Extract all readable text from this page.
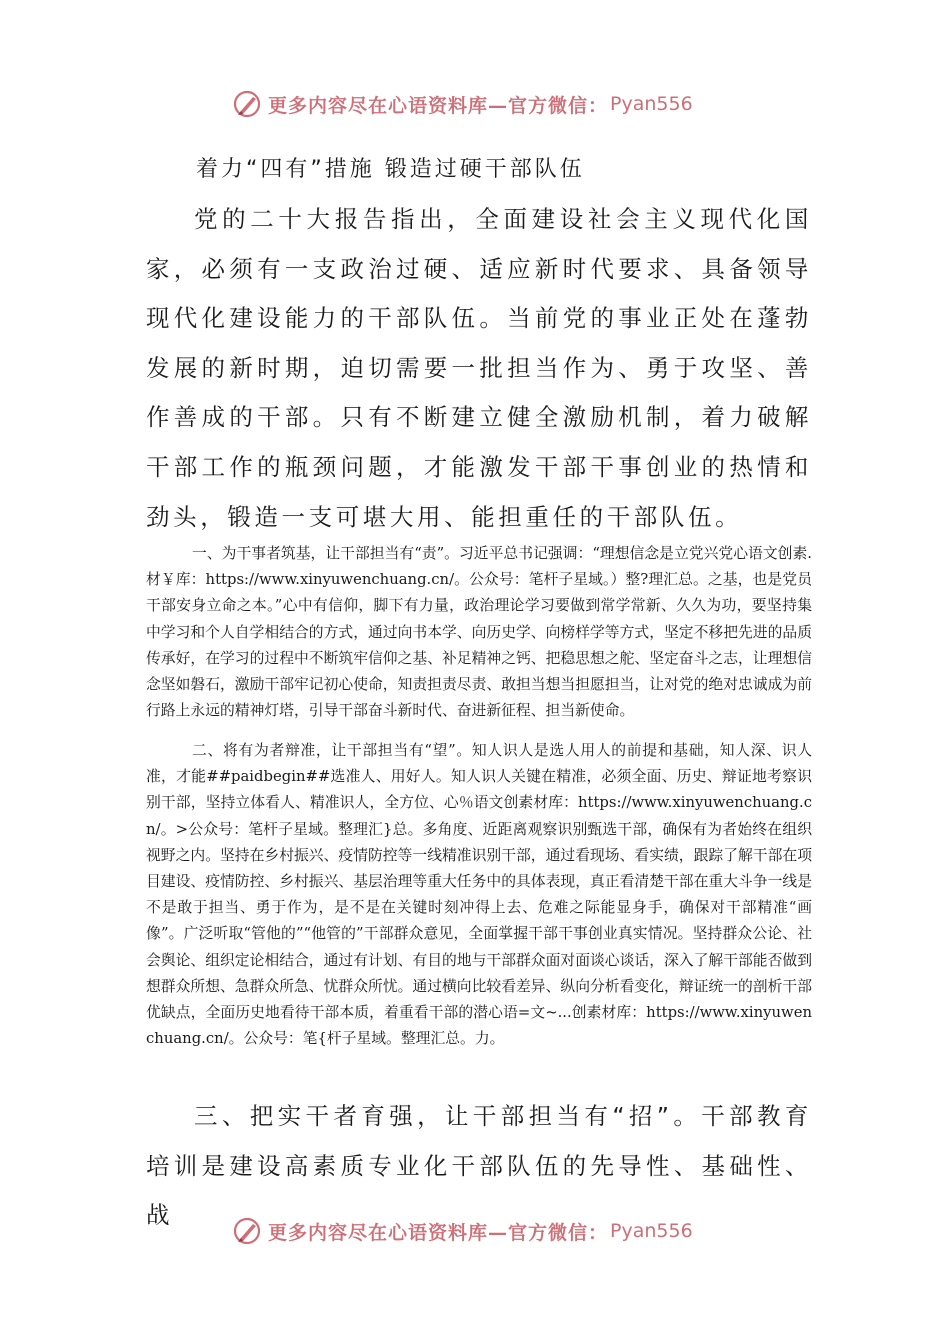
更多内容尽在心语资料库—官方微信： Pyan556
着力“四有”措施 锻造过硬干部队伍

党的二十大报告指出，全面建设社会主义现代化国家，必须有一支政治过硬、适应新时代要求、具备领导现代化建设能力的干部队伍。当前党的事业正处在蓬勃发展的新时期，迫切需要一批担当作为、勇于攻坚、善作善成的干部。只有不断建立健全激励机制，着力破解干部工作的瓶颈问题，才能激发干部干事创业的热情和劲头，锻造一支可堪大用、能担重任的干部队伍。

一、为干事者筑基，让干部担当有“责”。习近平总书记强调：“理想信念是立党兴党心语文创素.材￥库：https://www.xinyuwenchuang.cn/。公众号：笔杆子星域。）整?理汇总。之基，也是党员干部安身立命之本。”心中有信仰，脚下有力量，政治理论学习要做到常学常新、久久为功，要坚持集中学习和个人自学相结合的方式，通过向书本学、向历史学、向榜样学等方式，坚定不移把先进的品质传承好，在学习的过程中不断筑牢信仰之基、补足精神之钙、把稳思想之舵、坚定奋斗之志，让理想信念坚如磐石，激励干部牢记初心使命，知责担责尽责、敢担当想当担愿担当，让对党的绝对忠诚成为前行路上永远的精神灯塔，引导干部奋斗新时代、奋进新征程、担当新使命。

二、将有为者辩准，让干部担当有“望”。知人识人是选人用人的前提和基础，知人深、识人准，才能##paidbegin##选准人、用好人。知人识人关键在精准，必须全面、历史、辩证地考察识别干部，坚持立体看人、精准识人，全方位、心％语文创素材库：https://www.xinyuwenchuang.cn/。>公众号：笔杆子星域。整理汇}总。多角度、近距离观察识别甄选干部，确保有为者始终在组织视野之内。坚持在乡村振兴、疫情防控等一线精准识别干部，通过看现场、看实绩，跟踪了解干部在项目建设、疫情防控、乡村振兴、基层治理等重大任务中的具体表现，真正看清楚干部在重大斗争一线是不是敢于担当、勇于作为，是不是在关键时刻冲得上去、危难之际能显身手，确保对干部精准“画像”。广泛听取“管他的”“他管的”干部群众意见，全面掌握干部干事创业真实情况。坚持群众公论、社会舆论、组织定论相结合，通过有计划、有目的地与干部群众面对面谈心谈话，深入了解干部能否做到想群众所想、急群众所急、忧群众所忧。通过横向比较看差异、纵向分析看变化，辩证统一的剖析干部优缺点，全面历史地看待干部本质，着重看干部的潜心语=文~...创素材库：https://www.xinyuwenchuang.cn/。公众号：笔{杆子星域。整理汇总。力。

三、把实干者育强，让干部担当有“招”。干部教育培训是建设高素质专业化干部队伍的先导性、基础性、战

更多内容尽在心语资料库—官方微信： Pyan556
